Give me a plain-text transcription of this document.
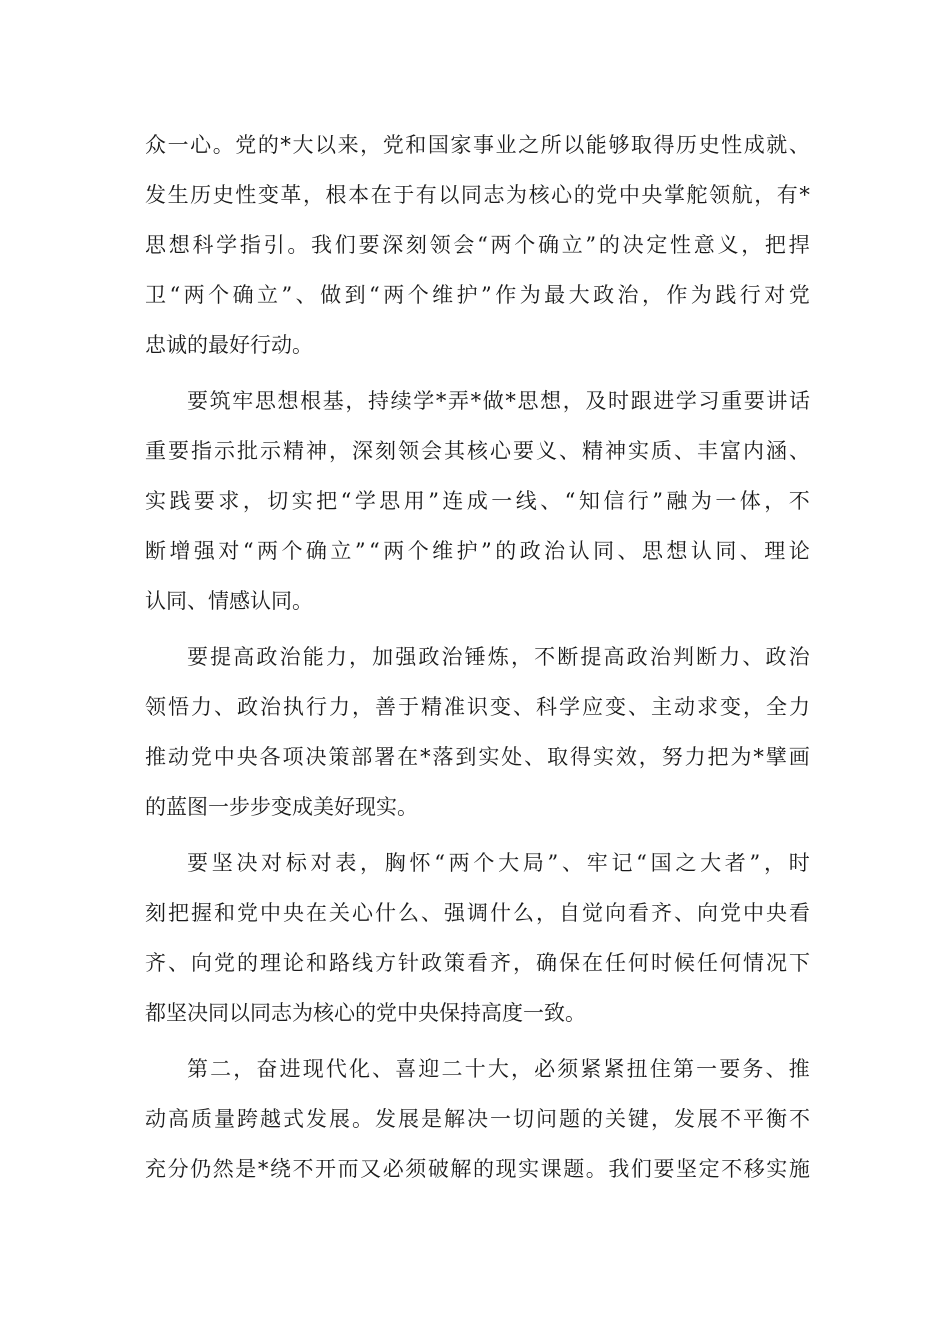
众 一 心 。 党 的 * 大 以 来 ， 党 和 国 家 事 业 之 所 以 能 够 取 得 历 史 性 成 就 、
发 生 历 史 性 变 革 ， 根 本 在 于 有 以 同 志 为 核 心 的 党 中 央 掌 舵 领 航 ， 有 *
思 想 科 学 指 引 。 我 们 要 深 刻 领 会 “ 两 个 确 立 ” 的 决 定 性 意 义 ， 把 捍
卫 “ 两 个 确 立 ” 、 做 到 “ 两 个 维 护 ” 作 为 最 大 政 治 ， 作 为 践 行 对 党
忠诚的最好行动。
要 筑 牢 思 想 根 基 ， 持 续 学 * 弄 * 做 * 思 想 ， 及 时 跟 进 学 习 重 要 讲 话
重 要 指 示 批 示 精 神 ， 深 刻 领 会 其 核 心 要 义 、 精 神 实 质 、 丰 富 内 涵 、
实 践 要 求 ， 切 实 把 “ 学 思 用 ” 连 成 一 线 、 “ 知 信 行 ” 融 为 一 体 ， 不
断 增 强 对 “ 两 个 确 立 ” “ 两 个 维 护 ” 的 政 治 认 同 、 思 想 认 同 、 理 论
认同、情感认同。
要 提 高 政 治 能 力 ， 加 强 政 治 锤 炼 ， 不 断 提 高 政 治 判 断 力 、 政 治
领 悟 力 、 政 治 执 行 力 ， 善 于 精 准 识 变 、 科 学 应 变 、 主 动 求 变 ， 全 力
推 动 党 中 央 各 项 决 策 部 署 在 * 落 到 实 处 、 取 得 实 效 ， 努 力 把 为 * 擘 画
的蓝图一步步变成美好现实。
要 坚 决 对 标 对 表 ， 胸 怀 “ 两 个 大 局 ” 、 牢 记 “ 国 之 大 者 ” ， 时
刻 把 握 和 党 中 央 在 关 心 什 么 、 强 调 什 么 ， 自 觉 向 看 齐 、 向 党 中 央 看
齐 、 向 党 的 理 论 和 路 线 方 针 政 策 看 齐 ， 确 保 在 任 何 时 候 任 何 情 况 下
都坚决同以同志为核心的党中央保持高度一致。
第 二 ， 奋 进 现 代 化 、 喜 迎 二 十 大 ， 必 须 紧 紧 扭 住 第 一 要 务 、 推
动 高 质 量 跨 越 式 发 展 。 发 展 是 解 决 一 切 问 题 的 关 键 ， 发 展 不 平 衡 不
充 分 仍 然 是 * 绕 不 开 而 又 必 须 破 解 的 现 实 课 题 。 我 们 要 坚 定 不 移 实 施
